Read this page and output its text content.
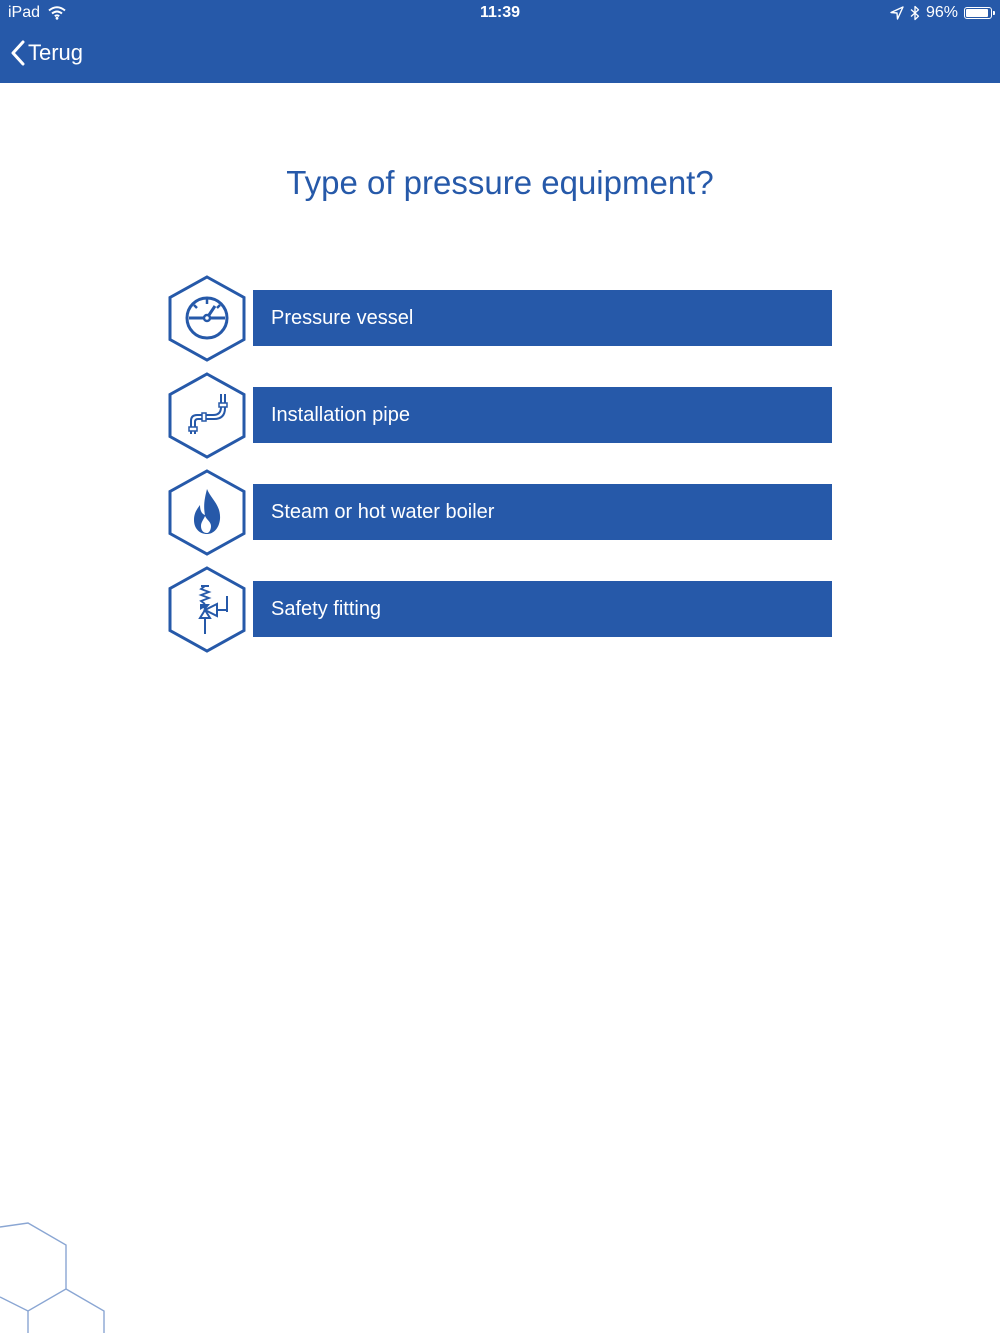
iPad	11:39	96%
Terug
Type of pressure equipment?
Pressure vessel
Installation pipe
Steam or hot water boiler
Safety fitting
